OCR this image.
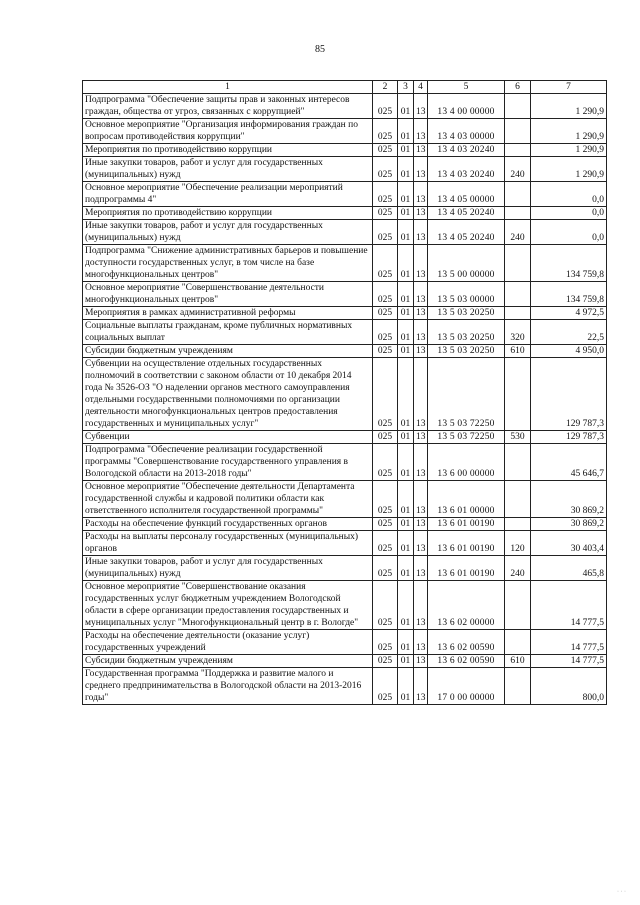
85
1	2	3	4	5	6	7
Подпрограмма "Обеспечение защиты прав и законных интересов граждан, общества от угроз, связанных с коррупцией"	025	01	13	13 4 00 00000		1 290,9
Основное мероприятие "Организация информирования граждан по вопросам противодействия коррупции"	025	01	13	13 4 03 00000		1 290,9
Мероприятия по противодействию коррупции	025	01	13	13 4 03 20240		1 290,9
Иные закупки товаров, работ и услуг для государственных (муниципальных) нужд	025	01	13	13 4 03 20240	240	1 290,9
Основное мероприятие "Обеспечение реализации мероприятий подпрограммы 4"	025	01	13	13 4 05 00000		0,0
Мероприятия по противодействию коррупции	025	01	13	13 4 05 20240		0,0
Иные закупки товаров, работ и услуг для государственных (муниципальных) нужд	025	01	13	13 4 05 20240	240	0,0
Подпрограмма "Снижение административных барьеров и повышение доступности государственных услуг, в том числе на базе многофункциональных центров"	025	01	13	13 5 00 00000		134 759,8
Основное мероприятие "Совершенствование деятельности многофункциональных центров"	025	01	13	13 5 03 00000		134 759,8
Мероприятия в рамках административной реформы	025	01	13	13 5 03 20250		4 972,5
Социальные выплаты гражданам, кроме публичных нормативных социальных выплат	025	01	13	13 5 03 20250	320	22,5
Субсидии бюджетным учреждениям	025	01	13	13 5 03 20250	610	4 950,0
Субвенции на осуществление отдельных государственных полномочий в соответствии с законом области от 10 декабря 2014 года № 3526-ОЗ "О наделении органов местного самоуправления отдельными государственными полномочиями по организации деятельности многофункциональных центров предоставления государственных и муниципальных услуг"	025	01	13	13 5 03 72250		129 787,3
Субвенции	025	01	13	13 5 03 72250	530	129 787,3
Подпрограмма "Обеспечение реализации государственной программы "Совершенствование государственного управления в Вологодской области на 2013-2018 годы"	025	01	13	13 6 00 00000		45 646,7
Основное мероприятие "Обеспечение деятельности Департамента государственной службы и кадровой политики области как ответственного исполнителя государственной программы"	025	01	13	13 6 01 00000		30 869,2
Расходы на обеспечение функций государственных органов	025	01	13	13 6 01 00190		30 869,2
Расходы на выплаты персоналу государственных (муниципальных) органов	025	01	13	13 6 01 00190	120	30 403,4
Иные закупки товаров, работ и услуг для государственных (муниципальных) нужд	025	01	13	13 6 01 00190	240	465,8
Основное мероприятие "Совершенствование оказания государственных услуг бюджетным учреждением Вологодской области в сфере организации предоставления государственных и муниципальных услуг "Многофункциональный центр в г. Вологде"	025	01	13	13 6 02 00000		14 777,5
Расходы на обеспечение деятельности (оказание услуг) государственных учреждений	025	01	13	13 6 02 00590		14 777,5
Субсидии бюджетным учреждениям	025	01	13	13 6 02 00590	610	14 777,5
Государственная программа "Поддержка и развитие малого и среднего предпринимательства в Вологодской области на 2013-2016 годы"	025	01	13	17 0 00 00000		800,0
· · ·
